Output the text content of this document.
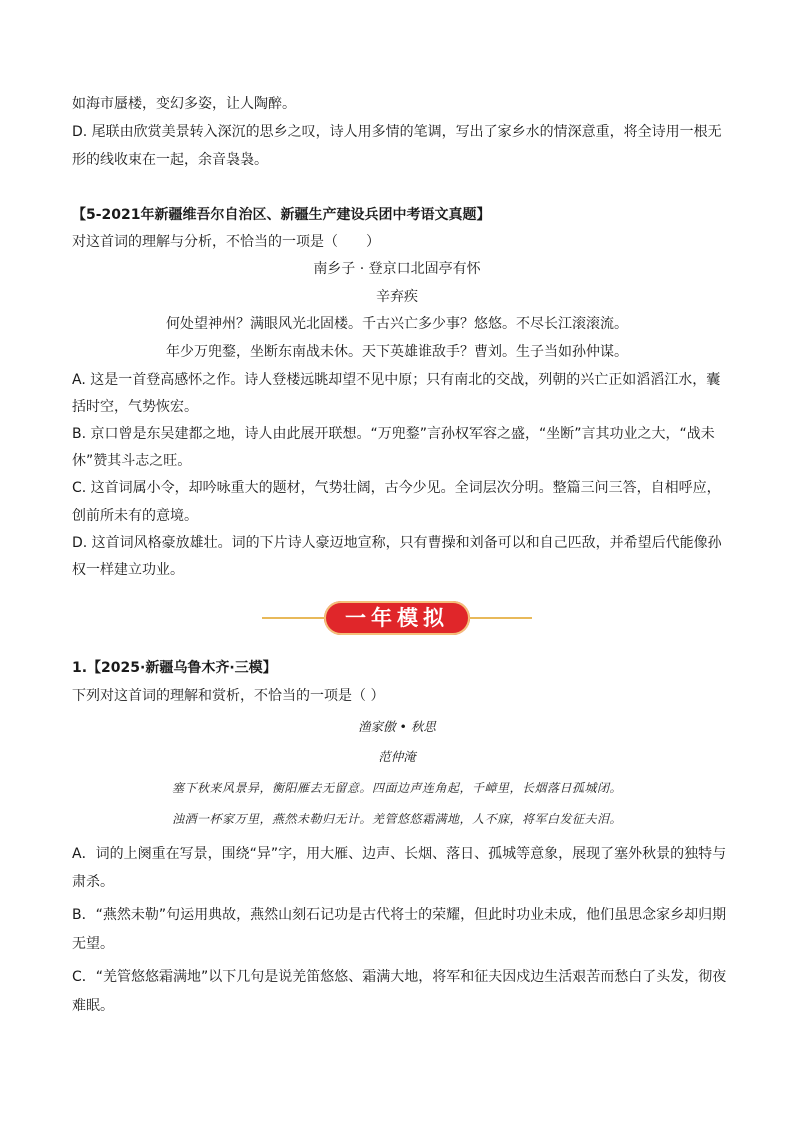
如海市蜃楼，变幻多姿，让人陶醉。
D. 尾联由欣赏美景转入深沉的思乡之叹，诗人用多情的笔调，写出了家乡水的情深意重，将全诗用一根无
形的线收束在一起，余音袅袅。
【5-2021年新疆维吾尔自治区、新疆生产建设兵团中考语文真题】
对这首词的理解与分析，不恰当的一项是（　　）
南乡子 · 登京口北固亭有怀
辛弃疾
何处望神州？满眼风光北固楼。千古兴亡多少事？悠悠。不尽长江滚滚流。
年少万兜鍪，坐断东南战未休。天下英雄谁敌手？曹刘。生子当如孙仲谋。
A. 这是一首登高感怀之作。诗人登楼远眺却望不见中原；只有南北的交战，列朝的兴亡正如滔滔江水，囊
括时空，气势恢宏。
B. 京口曾是东吴建都之地，诗人由此展开联想。“万兜鍪”言孙权军容之盛，“坐断”言其功业之大，“战未
休”赞其斗志之旺。
C. 这首词属小令，却吟咏重大的题材，气势壮阔，古今少见。全词层次分明。整篇三问三答，自相呼应，
创前所未有的意境。
D. 这首词风格豪放雄壮。词的下片诗人豪迈地宣称，只有曹操和刘备可以和自己匹敌，并希望后代能像孙
权一样建立功业。
一年模拟
1.【2025·新疆乌鲁木齐·三模】
下列对这首词的理解和赏析，不恰当的一项是（ ）
渔家傲 • 秋思
范仲淹
塞下秋来风景异，衡阳雁去无留意。四面边声连角起，千嶂里，长烟落日孤城闭。
浊酒一杯家万里，燕然未勒归无计。羌管悠悠霜满地，人不寐，将军白发征夫泪。
A．词的上阕重在写景，围绕“异”字，用大雁、边声、长烟、落日、孤城等意象，展现了塞外秋景的独特与
肃杀。
B．“燕然未勒”句运用典故，燕然山刻石记功是古代将士的荣耀，但此时功业未成，他们虽思念家乡却归期
无望。
C．“羌管悠悠霜满地”以下几句是说羌笛悠悠、霜满大地，将军和征夫因戍边生活艰苦而愁白了头发，彻夜
难眠。
